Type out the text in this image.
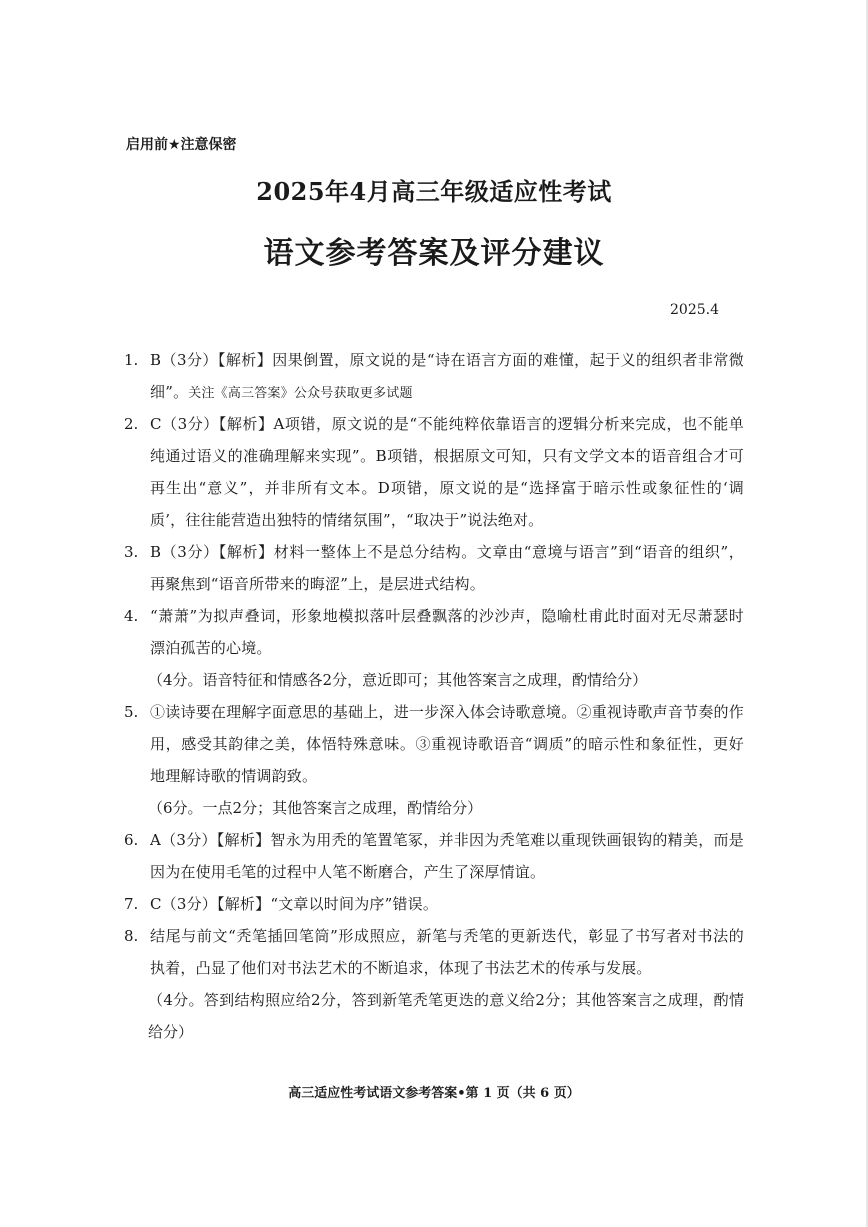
启用前★注意保密
2025年4月高三年级适应性考试
语文参考答案及评分建议
2025.4
1. B（3分）【解析】因果倒置，原文说的是“诗在语言方面的难懂，起于义的组织者非常微
细”。关注《高三答案》公众号获取更多试题
2. C（3分）【解析】A项错，原文说的是“不能纯粹依靠语言的逻辑分析来完成，也不能单
纯通过语义的准确理解来实现”。B项错，根据原文可知，只有文学文本的语音组合才可
再生出“意义”，并非所有文本。D项错，原文说的是“选择富于暗示性或象征性的‘调
质’，往往能营造出独特的情绪氛围”，“取决于”说法绝对。
3. B（3分）【解析】材料一整体上不是总分结构。文章由“意境与语言”到“语音的组织”，
再聚焦到“语音所带来的晦涩”上，是层进式结构。
4. “萧萧”为拟声叠词，形象地模拟落叶层叠飘落的沙沙声，隐喻杜甫此时面对无尽萧瑟时
漂泊孤苦的心境。
（4分。语音特征和情感各2分，意近即可；其他答案言之成理，酌情给分）
5. ①读诗要在理解字面意思的基础上，进一步深入体会诗歌意境。②重视诗歌声音节奏的作
用，感受其韵律之美，体悟特殊意味。③重视诗歌语音“调质”的暗示性和象征性，更好
地理解诗歌的情调韵致。
（6分。一点2分；其他答案言之成理，酌情给分）
6. A（3分）【解析】智永为用秃的笔置笔冢，并非因为秃笔难以重现铁画银钩的精美，而是
因为在使用毛笔的过程中人笔不断磨合，产生了深厚情谊。
7. C（3分）【解析】“文章以时间为序”错误。
8. 结尾与前文“秃笔插回笔筒”形成照应，新笔与秃笔的更新迭代，彰显了书写者对书法的
执着，凸显了他们对书法艺术的不断追求，体现了书法艺术的传承与发展。
（4分。答到结构照应给2分，答到新笔秃笔更迭的意义给2分；其他答案言之成理，酌情
给分）
高三适应性考试语文参考答案•第 1 页（共 6 页）
